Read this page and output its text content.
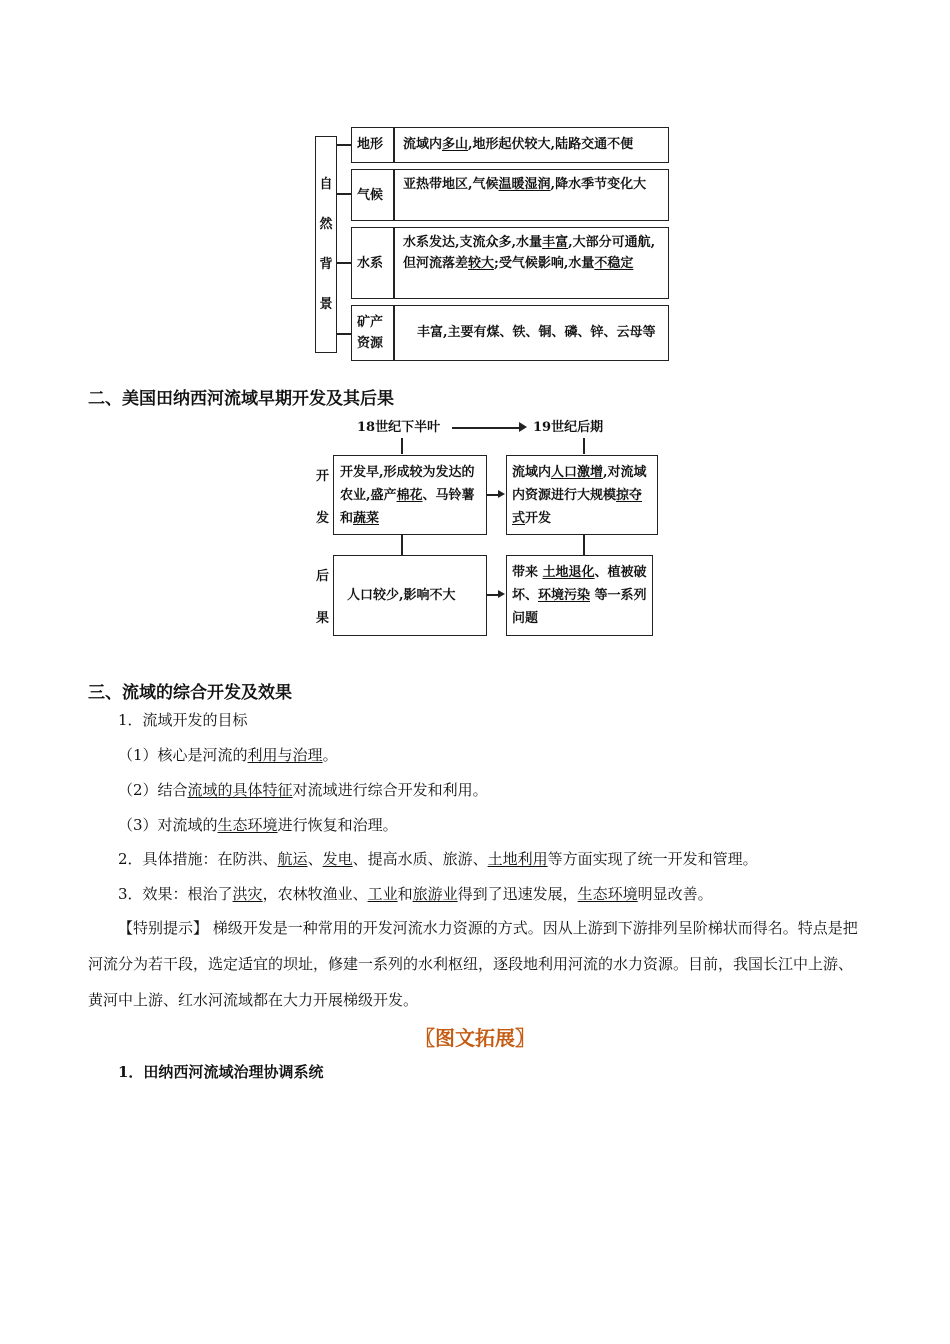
自
然
背
景
地形 流域内多山,地形起伏较大,陆路交通不便
气候
亚热带地区,气候温暖湿润,降水季节变化大
水系
水系发达,支流众多,水量丰富,大部分可通航,但河流落差较大;受气候影响,水量不稳定
矿产
资源
丰富,主要有煤、铁、铜、磷、锌、云母等
二、美国田纳西河流域早期开发及其后果
18世纪下半叶	19世纪后期
开
发
后
果
开发早,形成较为发达的农业,盛产棉花、马铃薯和蔬菜
流域内人口激增,对流域内资源进行大规模掠夺式开发
人口较少,影响不大
带来 土地退化、植被破坏、环境污染 等一系列问题
三、流域的综合开发及效果
1．流域开发的目标
（1）核心是河流的利用与治理。
（2）结合流域的具体特征对流域进行综合开发和利用。
（3）对流域的生态环境进行恢复和治理。
2．具体措施：在防洪、航运、发电、提高水质、旅游、土地利用等方面实现了统一开发和管理。
3．效果：根治了洪灾，农林牧渔业、工业和旅游业得到了迅速发展，生态环境明显改善。
【特别提示】 梯级开发是一种常用的开发河流水力资源的方式。因从上游到下游排列呈阶梯状而得名。特点是把河流分为若干段，选定适宜的坝址，修建一系列的水利枢纽，逐段地利用河流的水力资源。目前，我国长江中上游、黄河中上游、红水河流域都在大力开展梯级开发。
〖图文拓展〗
1．田纳西河流域治理协调系统
